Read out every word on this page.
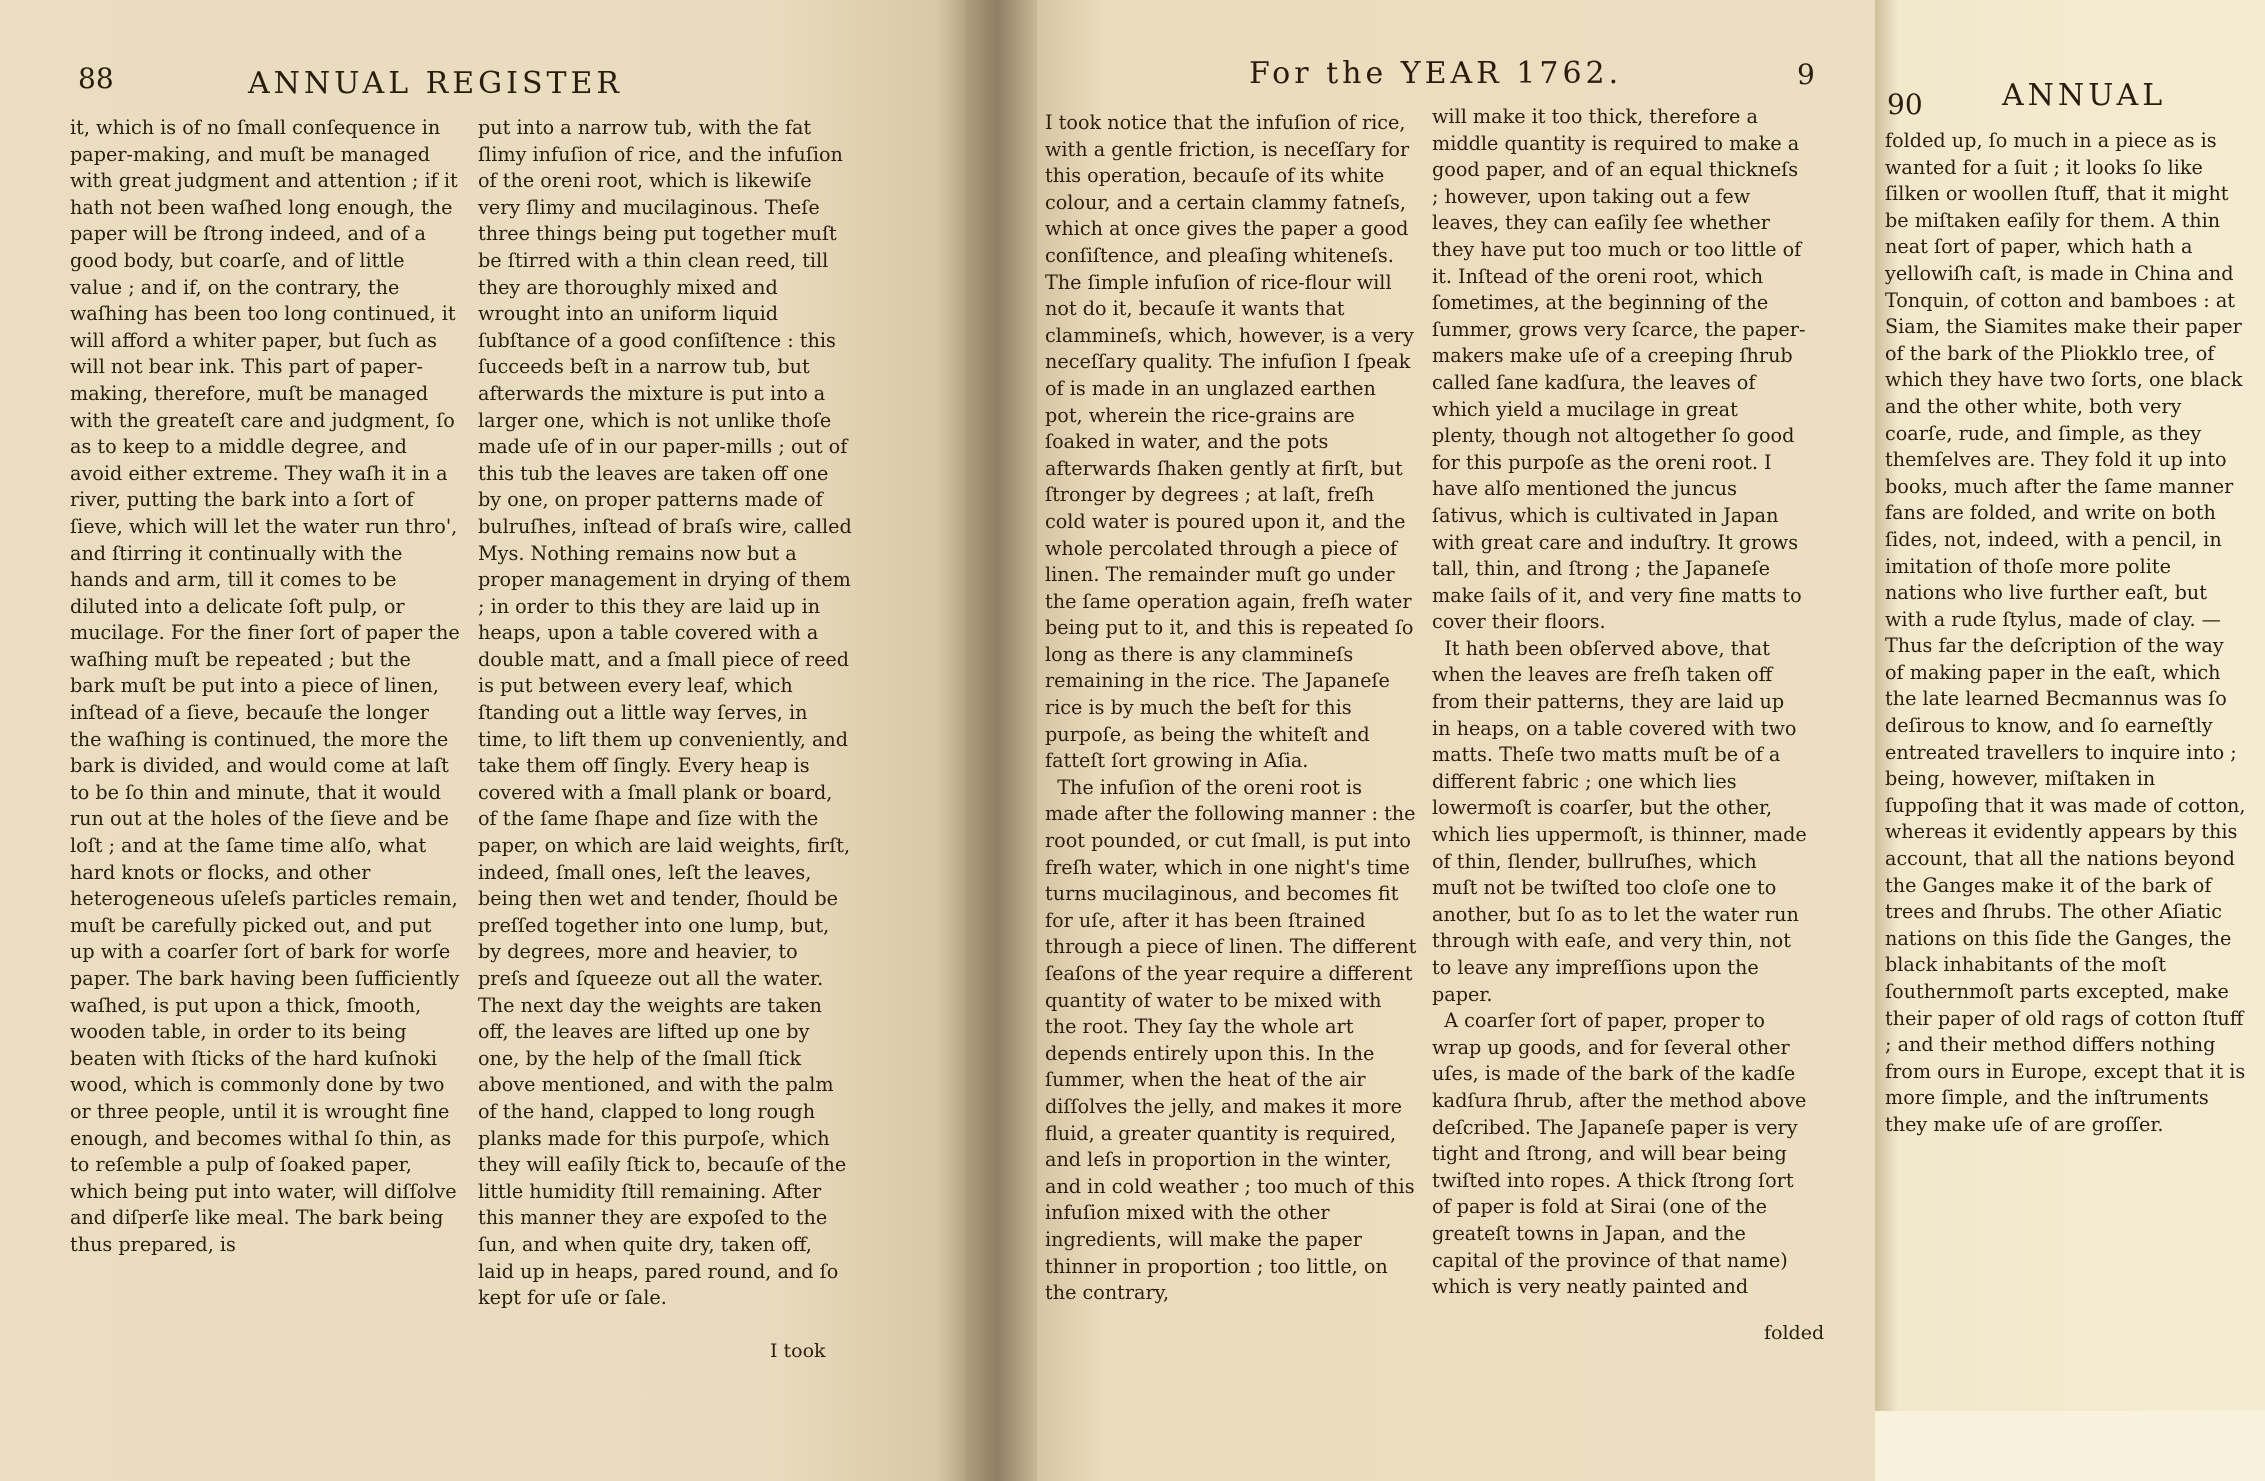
88	ANNUAL REGISTER

it, which is of no ſmall conſequence in paper-making, and muſt be managed with great judgment and attention ; if it hath not been waſhed long enough, the paper will be ſtrong indeed, and of a good body, but coarſe, and of little value ; and if, on the contrary, the waſhing has been too long continued, it will afford a whiter paper, but ſuch as will not bear ink. This part of paper-making, therefore, muſt be managed with the greateſt care and judgment, ſo as to keep to a middle degree, and avoid either extreme. They waſh it in a river, putting the bark into a ſort of ſieve, which will let the water run thro', and ſtirring it continually with the hands and arm, till it comes to be diluted into a delicate ſoft pulp, or mucilage. For the finer ſort of paper the waſhing muſt be repeated ; but the bark muſt be put into a piece of linen, inſtead of a ſieve, becauſe the longer the waſhing is continued, the more the bark is divided, and would come at laſt to be ſo thin and minute, that it would run out at the holes of the ſieve and be loſt ; and at the ſame time alſo, what hard knots or flocks, and other heterogeneous uſeleſs particles remain, muſt be carefully picked out, and put up with a coarſer ſort of bark for worſe paper. The bark having been ſufficiently waſhed, is put upon a thick, ſmooth, wooden table, in order to its being beaten with ſticks of the hard kuſnoki wood, which is commonly done by two or three people, until it is wrought fine enough, and becomes withal ſo thin, as to reſemble a pulp of ſoaked paper, which being put into water, will diſſolve and diſperſe like meal. The bark being thus prepared, is

put into a narrow tub, with the fat ſlimy infuſion of rice, and the infuſion of the oreni root, which is likewiſe very ſlimy and mucilaginous. Theſe three things being put together muſt be ſtirred with a thin clean reed, till they are thoroughly mixed and wrought into an uniform liquid ſubſtance of a good conſiſtence : this ſucceeds beſt in a narrow tub, but afterwards the mixture is put into a larger one, which is not unlike thoſe made uſe of in our paper-mills ; out of this tub the leaves are taken off one by one, on proper patterns made of bulruſhes, inſtead of braſs wire, called Mys. Nothing remains now but a proper management in drying of them ; in order to this they are laid up in heaps, upon a table covered with a double matt, and a ſmall piece of reed is put between every leaf, which ſtanding out a little way ſerves, in time, to lift them up conveniently, and take them off ſingly. Every heap is covered with a ſmall plank or board, of the ſame ſhape and ſize with the paper, on which are laid weights, firſt, indeed, ſmall ones, leſt the leaves, being then wet and tender, ſhould be preſſed together into one lump, but, by degrees, more and heavier, to preſs and ſqueeze out all the water. The next day the weights are taken off, the leaves are lifted up one by one, by the help of the ſmall ſtick above mentioned, and with the palm of the hand, clapped to long rough planks made for this purpoſe, which they will eaſily ſtick to, becauſe of the little humidity ſtill remaining. After this manner they are expoſed to the ſun, and when quite dry, taken off, laid up in heaps, pared round, and ſo kept for uſe or ſale.

I took
For the YEAR 1762.	9

I took notice that the infuſion of rice, with a gentle friction, is neceſſary for this operation, becauſe of its white colour, and a certain clammy fatneſs, which at once gives the paper a good conſiſtence, and pleaſing whiteneſs. The ſimple infuſion of rice-flour will not do it, becauſe it wants that clammineſs, which, however, is a very neceſſary quality. The infuſion I ſpeak of is made in an unglazed earthen pot, wherein the rice-grains are ſoaked in water, and the pots afterwards ſhaken gently at firſt, but ſtronger by degrees ; at laſt, freſh cold water is poured upon it, and the whole percolated through a piece of linen. The remainder muſt go under the ſame operation again, freſh water being put to it, and this is repeated ſo long as there is any clammineſs remaining in the rice. The Japaneſe rice is by much the beſt for this purpoſe, as being the whiteſt and fatteſt ſort growing in Aſia.
The infuſion of the oreni root is made after the following manner : the root pounded, or cut ſmall, is put into freſh water, which in one night's time turns mucilaginous, and becomes fit for uſe, after it has been ſtrained through a piece of linen. The different ſeaſons of the year require a different quantity of water to be mixed with the root. They ſay the whole art depends entirely upon this. In the ſummer, when the heat of the air diſſolves the jelly, and makes it more fluid, a greater quantity is required, and leſs in proportion in the winter, and in cold weather ; too much of this infuſion mixed with the other ingredients, will make the paper thinner in proportion ; too little, on the contrary,

will make it too thick, therefore a middle quantity is required to make a good paper, and of an equal thickneſs ; however, upon taking out a few leaves, they can eaſily ſee whether they have put too much or too little of it. Inſtead of the oreni root, which ſometimes, at the beginning of the ſummer, grows very ſcarce, the paper-makers make uſe of a creeping ſhrub called ſane kadſura, the leaves of which yield a mucilage in great plenty, though not altogether ſo good for this purpoſe as the oreni root. I have alſo mentioned the juncus ſativus, which is cultivated in Japan with great care and induſtry. It grows tall, thin, and ſtrong ; the Japaneſe make ſails of it, and very fine matts to cover their floors.
It hath been obſerved above, that when the leaves are freſh taken off from their patterns, they are laid up in heaps, on a table covered with two matts. Theſe two matts muſt be of a different fabric ; one which lies lowermoſt is coarſer, but the other, which lies uppermoſt, is thinner, made of thin, ſlender, bullruſhes, which muſt not be twiſted too cloſe one to another, but ſo as to let the water run through with eaſe, and very thin, not to leave any impreſſions upon the paper.
A coarſer ſort of paper, proper to wrap up goods, and for ſeveral other uſes, is made of the bark of the kadſe kadſura ſhrub, after the method above deſcribed. The Japaneſe paper is very tight and ſtrong, and will bear being twiſted into ropes. A thick ſtrong ſort of paper is fold at Sirai (one of the greateſt towns in Japan, and the capital of the province of that name) which is very neatly painted and

folded
90	ANNUAL

folded up, ſo much in a piece as is wanted for a ſuit ; it looks ſo like ſilken or woollen ſtuff, that it might be miſtaken eaſily for them. A thin neat ſort of paper, which hath a yellowiſh caſt, is made in China and Tonquin, of cotton and bamboes : at Siam, the Siamites make their paper of the bark of the Pliokklo tree, of which they have two ſorts, one black and the other white, both very coarſe, rude, and ſimple, as they themſelves are. They fold it up into books, much after the ſame manner fans are folded, and write on both ſides, not, indeed, with a pencil, in imitation of thoſe more polite nations who live further eaſt, but with a rude ſtylus, made of clay. — Thus far the deſcription of the way of making paper in the eaſt, which the late learned Becmannus was ſo deſirous to know, and ſo earneſtly entreated travellers to inquire into ; being, however, miſtaken in ſuppoſing that it was made of cotton, whereas it evidently appears by this account, that all the nations beyond the Ganges make it of the bark of trees and ſhrubs. The other Aſiatic nations on this ſide the Ganges, the black inhabitants of the moſt ſouthernmoſt parts excepted, make their paper of old rags of cotton ſtuff ; and their method differs nothing from ours in Europe, except that it is more ſimple, and the inſtruments they make uſe of are groſſer.
